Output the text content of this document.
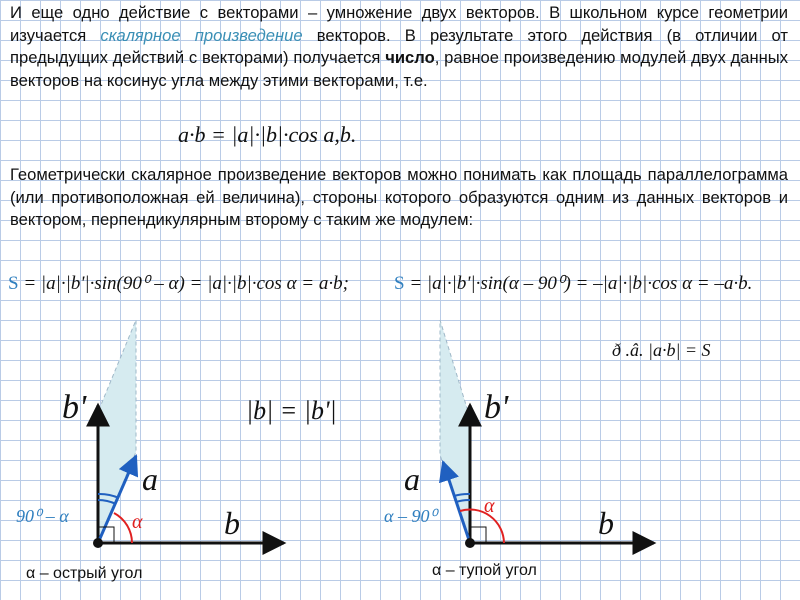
И еще одно действие с векторами – умножение двух векторов. В школьном курсе геометрии изучается скалярное произведение векторов. В результате этого действия (в отличии от предыдущих действий с векторами) получается число, равное произведению модулей двух данных векторов на косинус угла между этими векторами, т.е.
a·b = |a|·|b|·cos a,b.
Геометрически скалярное произведение векторов можно понимать как площадь параллелограмма (или противоположная ей величина), стороны которого образуются одним из данных векторов и вектором, перпендикулярным второму с таким же модулем:
S = |a|·|b'|·sin(90⁰ – α) = |a|·|b|·cos α = a·b; S = |a|·|b'|·sin(α – 90⁰) = –|a|·|b|·cos α = –a·b.
|b| = |b'|
ð .â. |a·b| = S
b'
a
b
α
90⁰ – α
α – острый угол
b'
a
b
α
α – 90⁰
α – тупой угол
